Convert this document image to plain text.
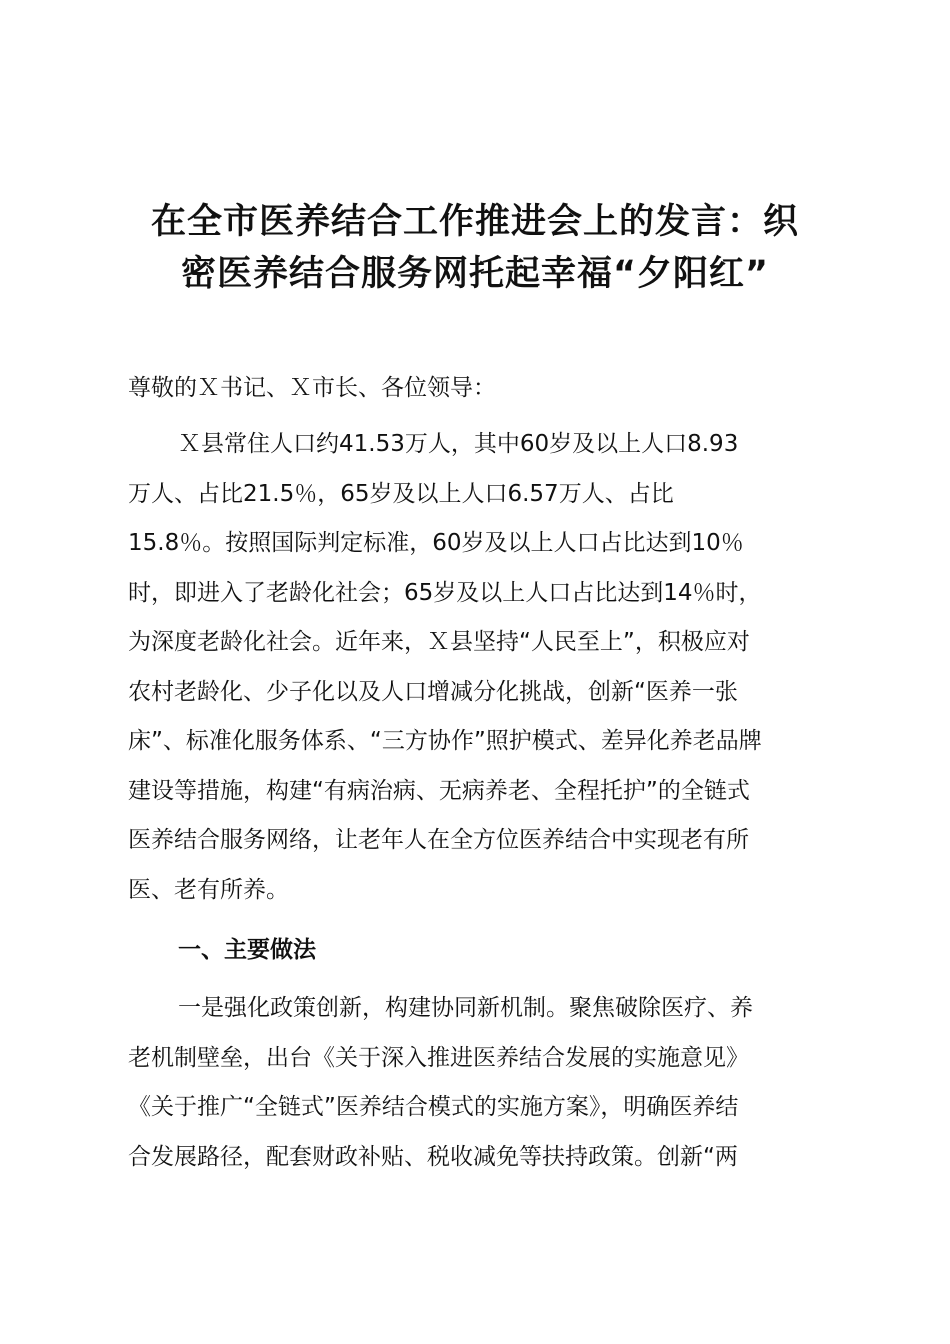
在全市医养结合工作推进会上的发言：织
密医养结合服务网托起幸福“夕阳红”

尊敬的Ｘ书记、Ｘ市长、各位领导：

Ｘ县常住人口约41.53万人，其中60岁及以上人口8.93
万人、占比21.5％，65岁及以上人口6.57万人、占比
15.8％。按照国际判定标准，60岁及以上人口占比达到10％
时，即进入了老龄化社会；65岁及以上人口占比达到14％时，
为深度老龄化社会。近年来，Ｘ县坚持“人民至上”，积极应对
农村老龄化、少子化以及人口增减分化挑战，创新“医养一张
床”、标准化服务体系、“三方协作”照护模式、差异化养老品牌
建设等措施，构建“有病治病、无病养老、全程托护”的全链式
医养结合服务网络，让老年人在全方位医养结合中实现老有所
医、老有所养。
一、主要做法
一是强化政策创新，构建协同新机制。聚焦破除医疗、养
老机制壁垒，出台《关于深入推进医养结合发展的实施意见》
《关于推广“全链式”医养结合模式的实施方案》，明确医养结
合发展路径，配套财政补贴、税收减免等扶持政策。创新“两
